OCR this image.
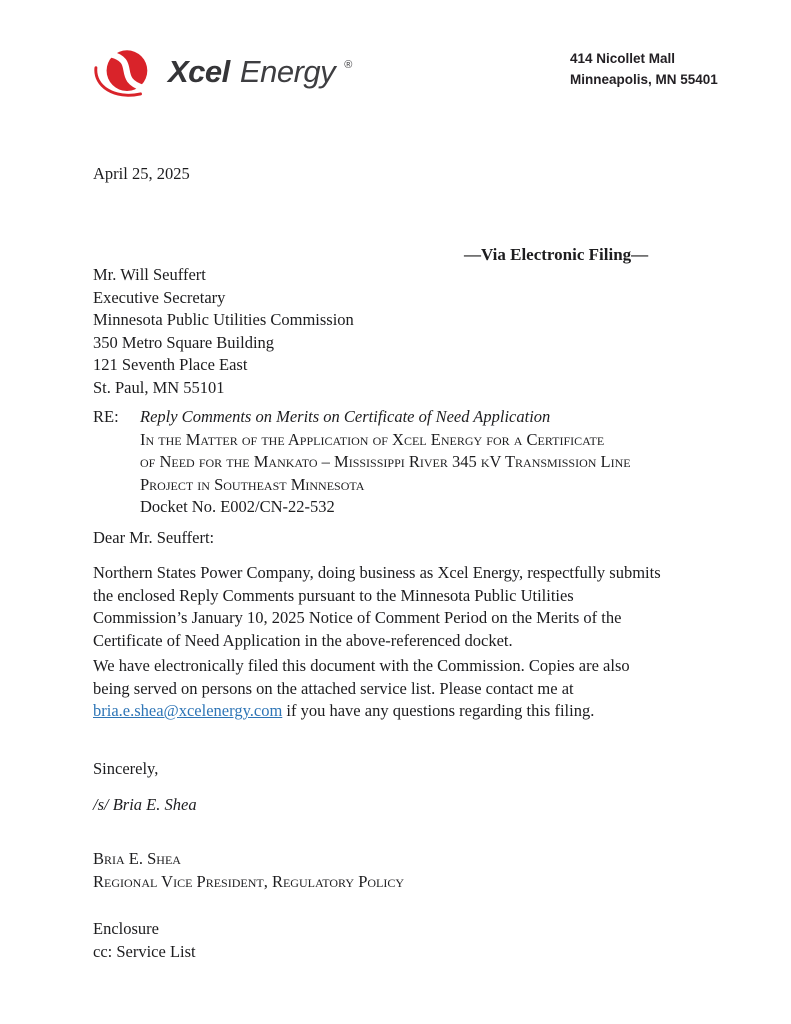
Xcel Energy ®	414 Nicollet Mall
Minneapolis, MN 55401
April 25, 2025
—Via Electronic Filing—
Mr. Will Seuffert
Executive Secretary
Minnesota Public Utilities Commission
350 Metro Square Building
121 Seventh Place East
St. Paul, MN 55101
RE:	Reply Comments on Merits on Certificate of Need Application
In the Matter of the Application of Xcel Energy for a Certificate
of Need for the Mankato – Mississippi River 345 kV Transmission Line
Project in Southeast Minnesota
Docket No. E002/CN-22-532
Dear Mr. Seuffert:
Northern States Power Company, doing business as Xcel Energy, respectfully submits
the enclosed Reply Comments pursuant to the Minnesota Public Utilities
Commission’s January 10, 2025 Notice of Comment Period on the Merits of the
Certificate of Need Application in the above-referenced docket.
We have electronically filed this document with the Commission. Copies are also
being served on persons on the attached service list. Please contact me at
bria.e.shea@xcelenergy.com if you have any questions regarding this filing.
Sincerely,
/s/ Bria E. Shea
Bria E. Shea
Regional Vice President, Regulatory Policy
Enclosure
cc: Service List
